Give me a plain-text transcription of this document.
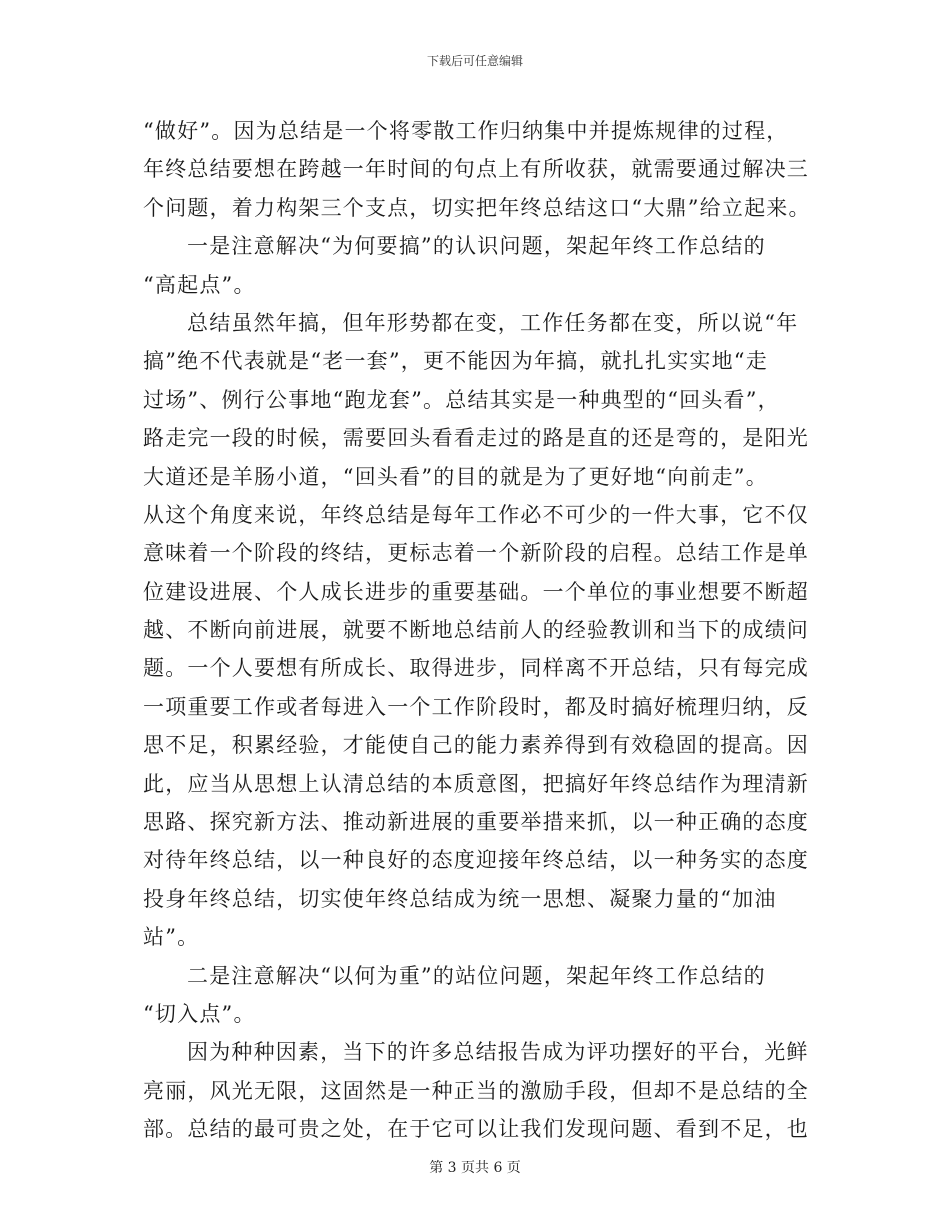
下载后可任意编辑
“做好”。因为总结是一个将零散工作归纳集中并提炼规律的过程，
年终总结要想在跨越一年时间的句点上有所收获，就需要通过解决三
个问题，着力构架三个支点，切实把年终总结这口“大鼎”给立起来。
一是注意解决“为何要搞”的认识问题，架起年终工作总结的
“高起点”。
总结虽然年搞，但年形势都在变，工作任务都在变，所以说“年
搞”绝不代表就是“老一套”，更不能因为年搞，就扎扎实实地“走
过场”、例行公事地“跑龙套”。总结其实是一种典型的“回头看”，
路走完一段的时候，需要回头看看走过的路是直的还是弯的，是阳光
大道还是羊肠小道，“回头看”的目的就是为了更好地“向前走”。
从这个角度来说，年终总结是每年工作必不可少的一件大事，它不仅
意味着一个阶段的终结，更标志着一个新阶段的启程。总结工作是单
位建设进展、个人成长进步的重要基础。一个单位的事业想要不断超
越、不断向前进展，就要不断地总结前人的经验教训和当下的成绩问
题。一个人要想有所成长、取得进步，同样离不开总结，只有每完成
一项重要工作或者每进入一个工作阶段时，都及时搞好梳理归纳，反
思不足，积累经验，才能使自己的能力素养得到有效稳固的提高。因
此，应当从思想上认清总结的本质意图，把搞好年终总结作为理清新
思路、探究新方法、推动新进展的重要举措来抓，以一种正确的态度
对待年终总结，以一种良好的态度迎接年终总结，以一种务实的态度
投身年终总结，切实使年终总结成为统一思想、凝聚力量的“加油
站”。
二是注意解决“以何为重”的站位问题，架起年终工作总结的
“切入点”。
因为种种因素，当下的许多总结报告成为评功摆好的平台，光鲜
亮丽，风光无限，这固然是一种正当的激励手段，但却不是总结的全
部。总结的最可贵之处，在于它可以让我们发现问题、看到不足，也
第 3 页共 6 页
